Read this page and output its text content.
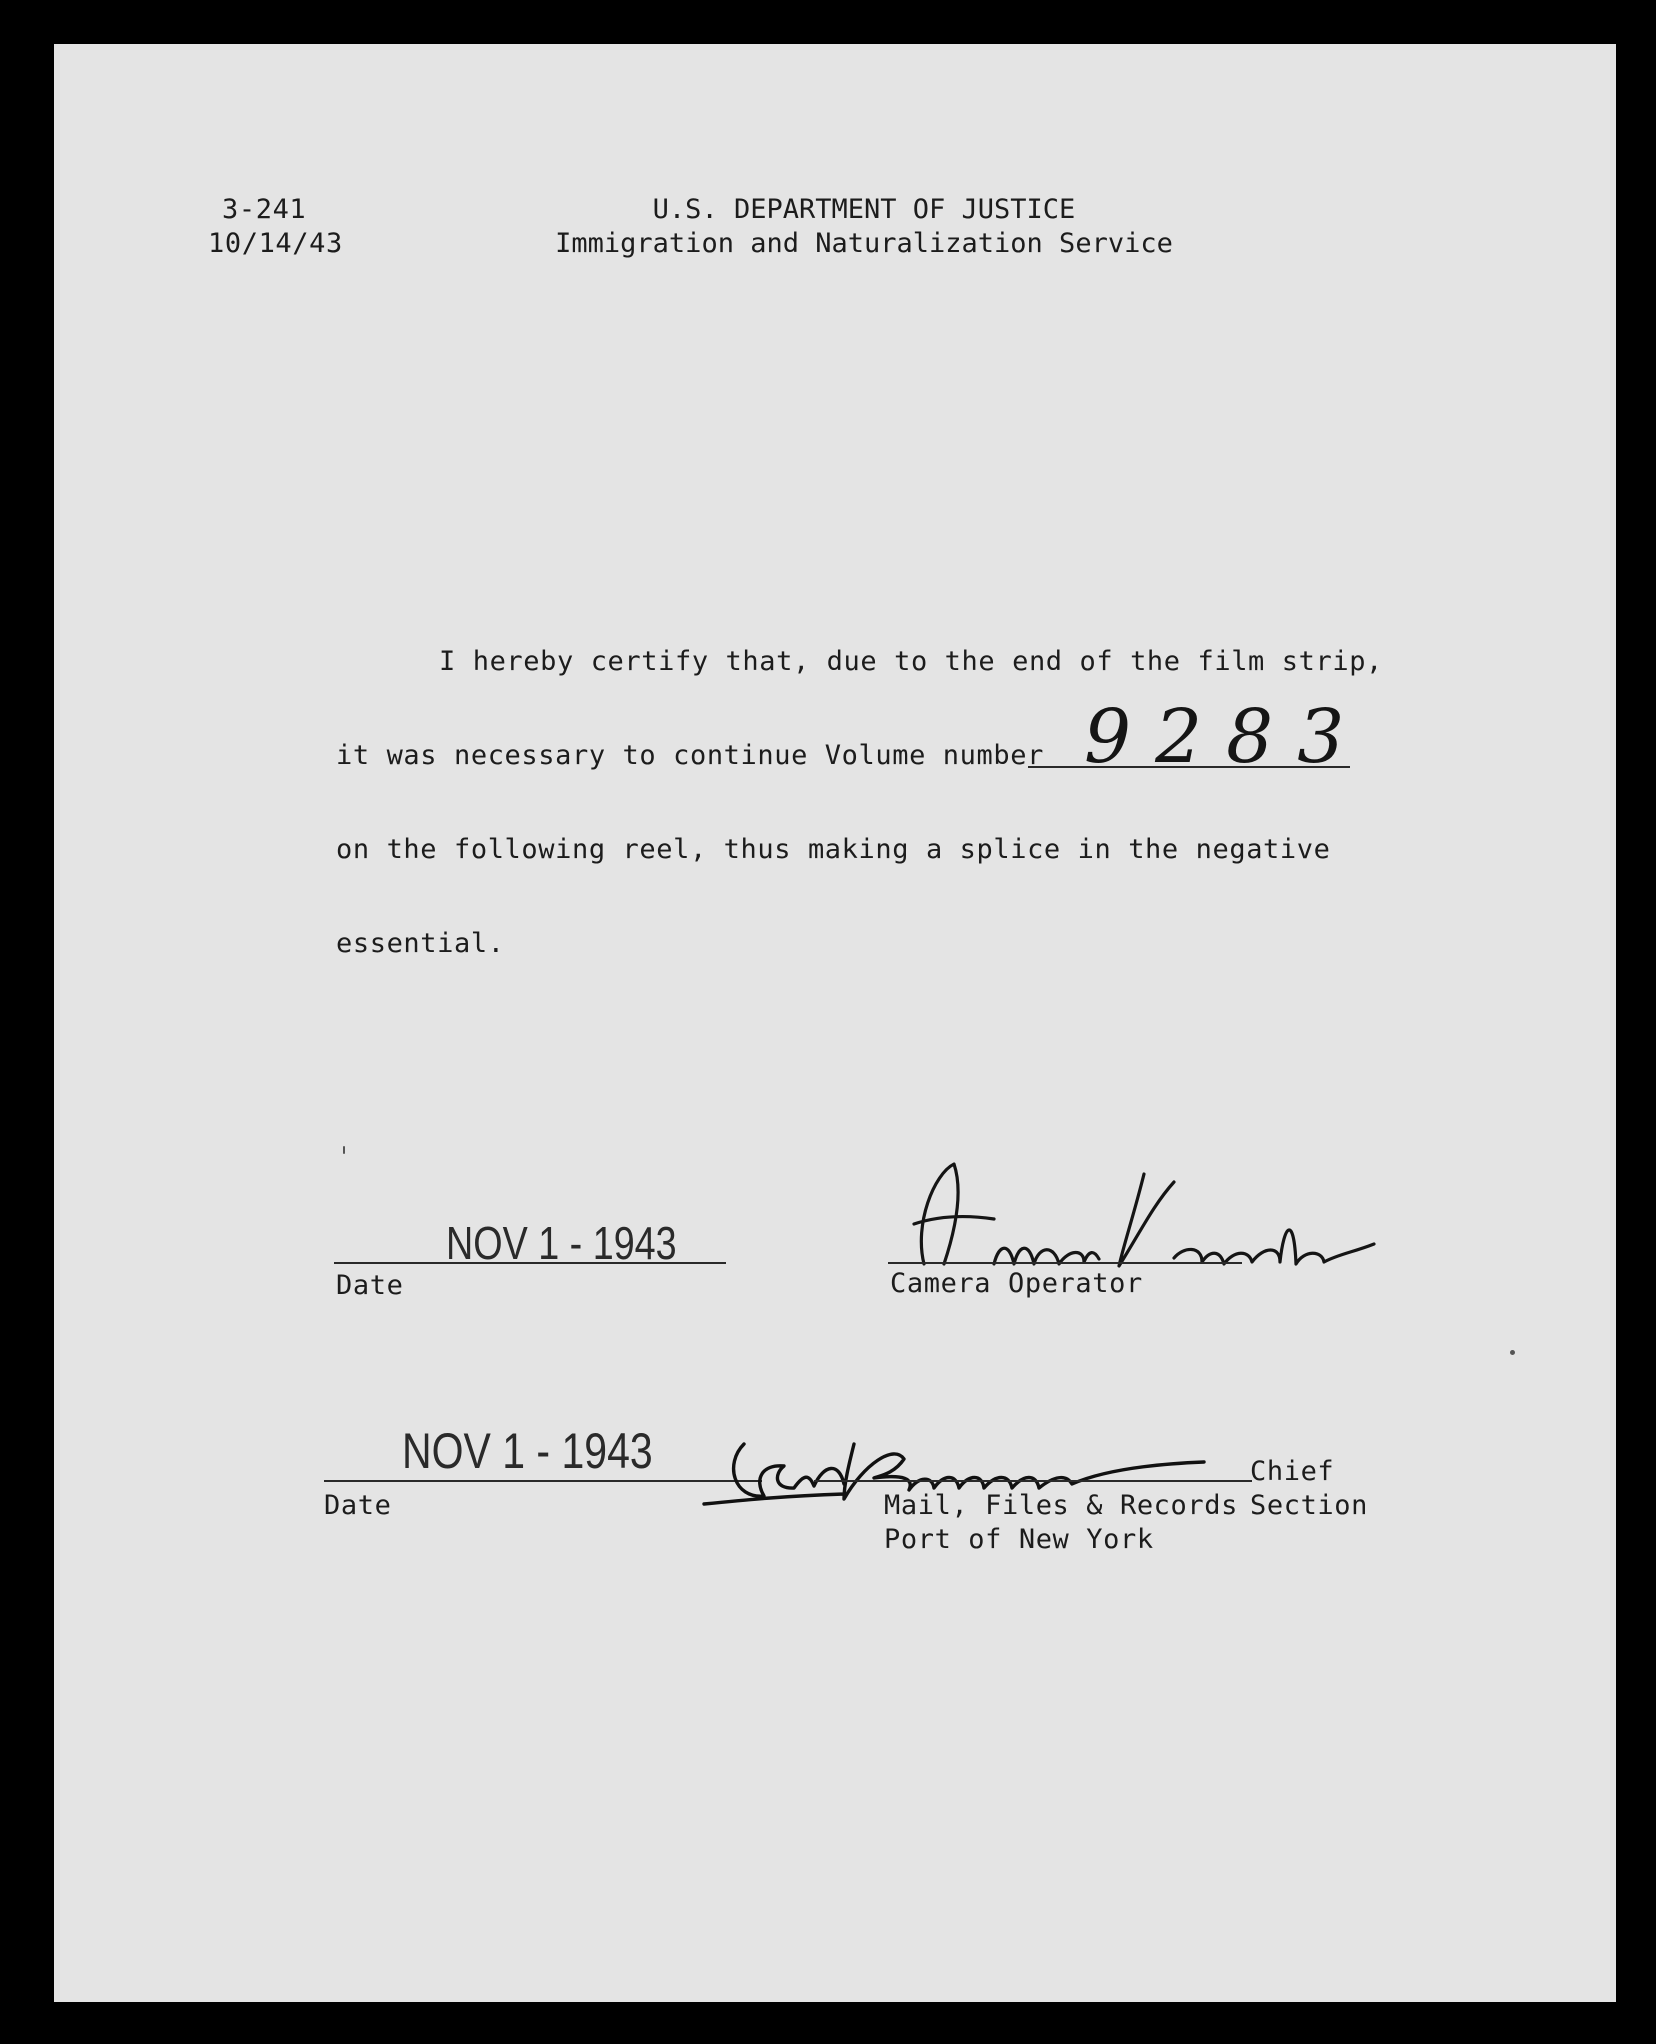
3-241
10/14/43
U.S. DEPARTMENT OF JUSTICE
Immigration and Naturalization Service
I hereby certify that, due to the end of the film strip,
it was necessary to continue Volume number 9283
on the following reel, thus making a splice in the negative
essential.
NOV 1 - 1943
Date	Camera Operator
NOV 1 - 1943
Date
Chief
Mail, Files & Records Section
Port of New York
